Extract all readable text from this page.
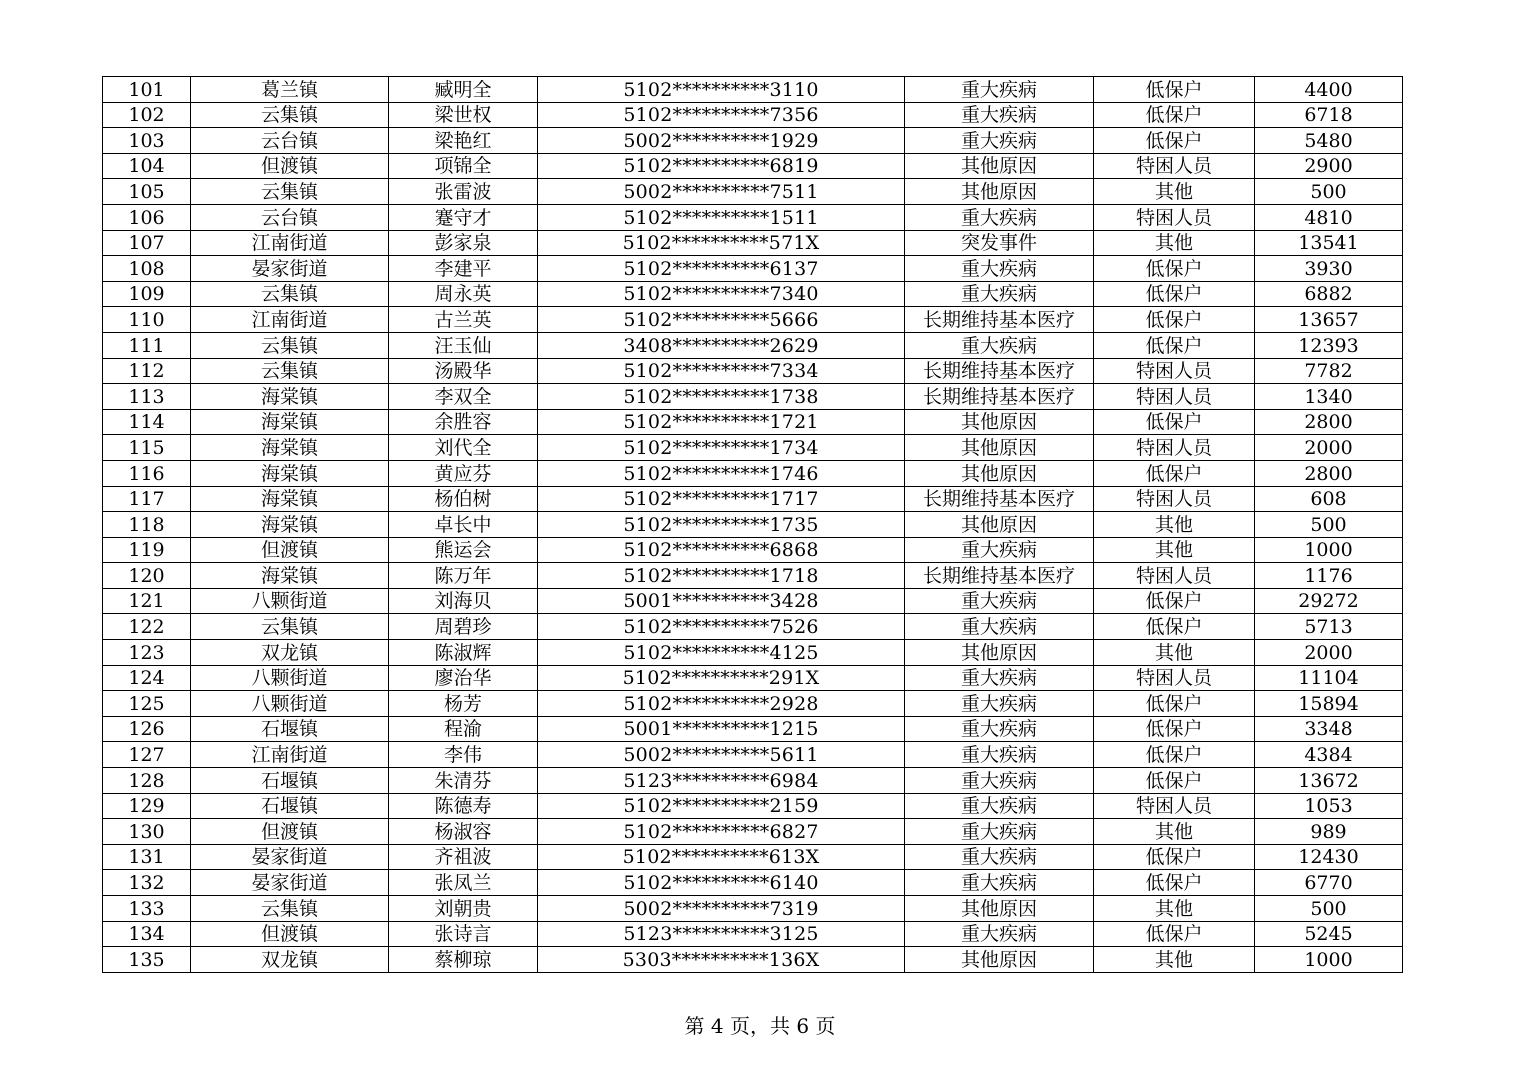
101	葛兰镇	臧明全	5102**********3110	重大疾病	低保户	4400
102	云集镇	梁世权	5102**********7356	重大疾病	低保户	6718
103	云台镇	梁艳红	5002**********1929	重大疾病	低保户	5480
104	但渡镇	项锦全	5102**********6819	其他原因	特困人员	2900
105	云集镇	张雷波	5002**********7511	其他原因	其他	500
106	云台镇	蹇守才	5102**********1511	重大疾病	特困人员	4810
107	江南街道	彭家泉	5102**********571X	突发事件	其他	13541
108	晏家街道	李建平	5102**********6137	重大疾病	低保户	3930
109	云集镇	周永英	5102**********7340	重大疾病	低保户	6882
110	江南街道	古兰英	5102**********5666	长期维持基本医疗	低保户	13657
111	云集镇	汪玉仙	3408**********2629	重大疾病	低保户	12393
112	云集镇	汤殿华	5102**********7334	长期维持基本医疗	特困人员	7782
113	海棠镇	李双全	5102**********1738	长期维持基本医疗	特困人员	1340
114	海棠镇	余胜容	5102**********1721	其他原因	低保户	2800
115	海棠镇	刘代全	5102**********1734	其他原因	特困人员	2000
116	海棠镇	黄应芬	5102**********1746	其他原因	低保户	2800
117	海棠镇	杨伯树	5102**********1717	长期维持基本医疗	特困人员	608
118	海棠镇	卓长中	5102**********1735	其他原因	其他	500
119	但渡镇	熊运会	5102**********6868	重大疾病	其他	1000
120	海棠镇	陈万年	5102**********1718	长期维持基本医疗	特困人员	1176
121	八颗街道	刘海贝	5001**********3428	重大疾病	低保户	29272
122	云集镇	周碧珍	5102**********7526	重大疾病	低保户	5713
123	双龙镇	陈淑辉	5102**********4125	其他原因	其他	2000
124	八颗街道	廖治华	5102**********291X	重大疾病	特困人员	11104
125	八颗街道	杨芳	5102**********2928	重大疾病	低保户	15894
126	石堰镇	程渝	5001**********1215	重大疾病	低保户	3348
127	江南街道	李伟	5002**********5611	重大疾病	低保户	4384
128	石堰镇	朱清芬	5123**********6984	重大疾病	低保户	13672
129	石堰镇	陈德寿	5102**********2159	重大疾病	特困人员	1053
130	但渡镇	杨淑容	5102**********6827	重大疾病	其他	989
131	晏家街道	齐祖波	5102**********613X	重大疾病	低保户	12430
132	晏家街道	张凤兰	5102**********6140	重大疾病	低保户	6770
133	云集镇	刘朝贵	5002**********7319	其他原因	其他	500
134	但渡镇	张诗言	5123**********3125	重大疾病	低保户	5245
135	双龙镇	蔡柳琼	5303**********136X	其他原因	其他	1000
第 4 页，共 6 页
